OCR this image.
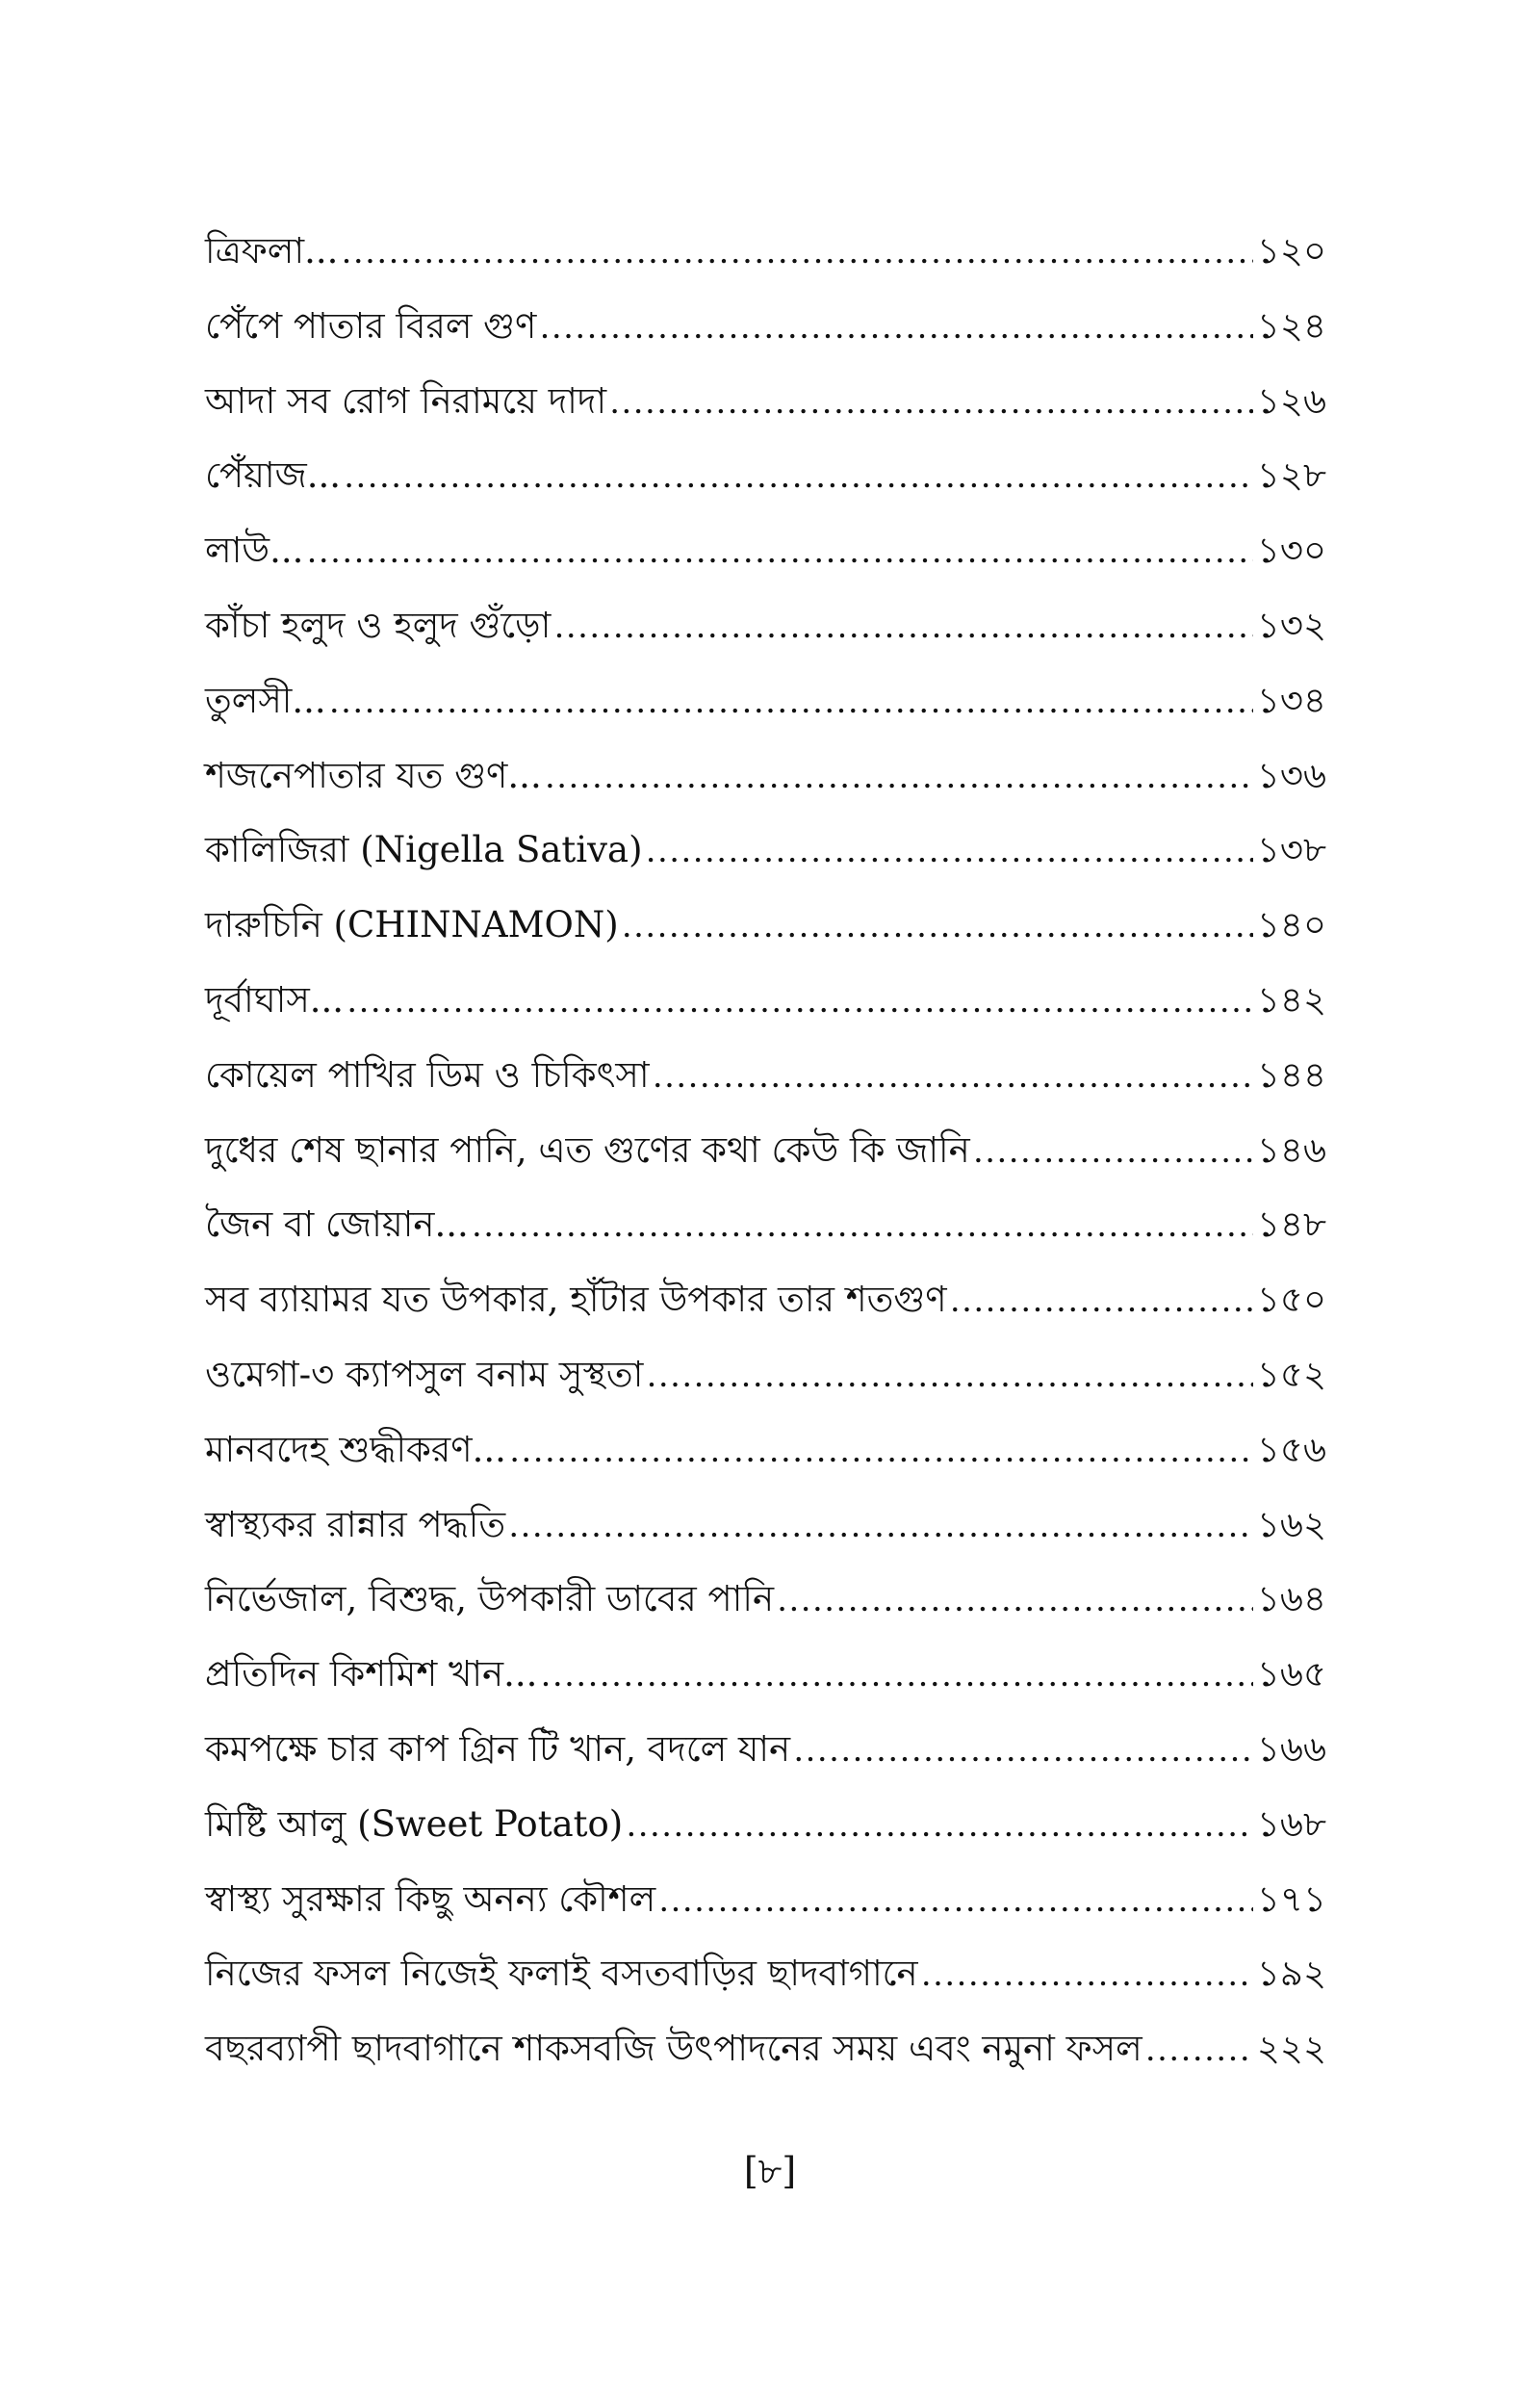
ত্রিফলা... .....	১২০
পেঁপে পাতার বিরল গুণ .....	১২৪
আদা সব রোগ নিরাময়ে দাদা .....	১২৬
পেঁয়াজ... .....	১২৮
লাউ... .....	১৩০
কাঁচা হলুদ ও হলুদ গুঁড়ো .....	১৩২
তুলসী... .....	১৩৪
শজনেপাতার যত গুণ... .....	১৩৬
কালিজিরা (Nigella Sativa) .....	১৩৮
দারুচিনি (CHINNAMON) .....	১৪০
দূর্বাঘাস... .....	১৪২
কোয়েল পাখির ডিম ও চিকিৎসা .....	১৪৪
দুধের শেষ ছানার পানি, এত গুণের কথা কেউ কি জানি .....	১৪৬
জৈন বা জোয়ান... .....	১৪৮
সব ব্যায়ামর যত উপকার, হাঁটার উপকার তার শতগুণ .....	১৫০
ওমেগা-৩ ক্যাপসুল বনাম সুস্থতা .....	১৫২
মানবদেহ শুদ্ধীকরণ... .....	১৫৬
স্বাস্থ্যকর রান্নার পদ্ধতি .....	১৬২
নির্ভেজাল, বিশুদ্ধ, উপকারী ডাবের পানি .....	১৬৪
প্রতিদিন কিশমিশ খান... .....	১৬৫
কমপক্ষে চার কাপ গ্রিন টি খান, বদলে যান .....	১৬৬
মিষ্টি আলু (Sweet Potato) .....	১৬৮
স্বাস্থ্য সুরক্ষার কিছু অনন্য কৌশল .....	১৭১
নিজের ফসল নিজেই ফলাই বসতবাড়ির ছাদবাগানে .....	১৯২
বছরব্যাপী ছাদবাগানে শাকসবজি উৎপাদনের সময় এবং নমুনা ফসল .....	২২২
[৮]
